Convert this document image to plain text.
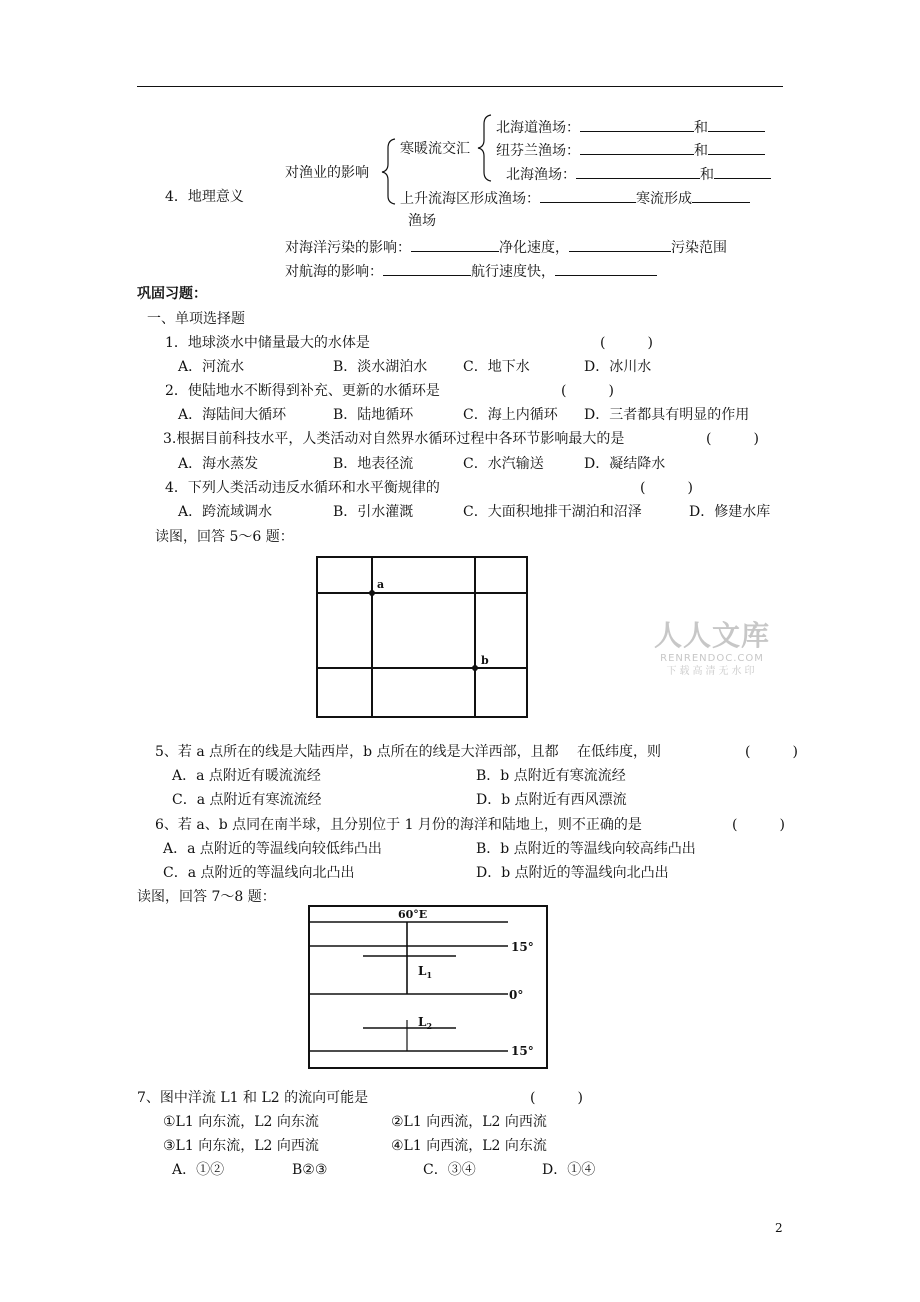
北海道渔场：	和
寒暖流交汇 纽芬兰渔场：	和
对渔业的影响	北海渔场：	和
4．地理意义	上升流海区形成渔场：	寒流形成
渔场
对海洋污染的影响：	净化速度，	污染范围
对航海的影响：	航行速度快，
巩固习题：
一、单项选择题
1．地球淡水中储量最大的水体是	(　　　)
A．河流水	B．淡水湖泊水	C．地下水	D．冰川水
2．使陆地水不断得到补充、更新的水循环是	(　　　)
A．海陆间大循环	B．陆地循环	C．海上内循环 D．三者都具有明显的作用
3.根据目前科技水平，人类活动对自然界水循环过程中各环节影响最大的是	(　　　)
A．海水蒸发	B．地表径流	C．水汽输送	D．凝结降水
4．下列人类活动违反水循环和水平衡规律的	(　　　)
A．跨流域调水	B．引水灌溉	C．大面积地排干湖泊和沼泽	D．修建水库
读图，回答 5～6 题：
a
b
人人文库
RENRENDOC.COM
下载高清无水印
5、若 a 点所在的线是大陆西岸，b 点所在的线是大洋西部，且都　 在低纬度，则	(　　　)
A．a 点附近有暖流流经	B．b 点附近有寒流流经
C．a 点附近有寒流流经	D．b 点附近有西风漂流
6、若 a、b 点同在南半球，且分别位于 1 月份的海洋和陆地上，则不正确的是	(　　　)
A．a 点附近的等温线向较低纬凸出	B．b 点附近的等温线向较高纬凸出
C．a 点附近的等温线向北凸出	D．b 点附近的等温线向北凸出
读图，回答 7～8 题：
60°E
15°
0°
15°
$L_1$
$L_2$
7、图中洋流 L1 和 L2 的流向可能是	(　　　)
①L1 向东流，L2 向东流	②L1 向西流，L2 向西流
③L1 向东流，L2 向西流	④L1 向西流，L2 向东流
A．①②	B②③	C．③④	D．①④
2
